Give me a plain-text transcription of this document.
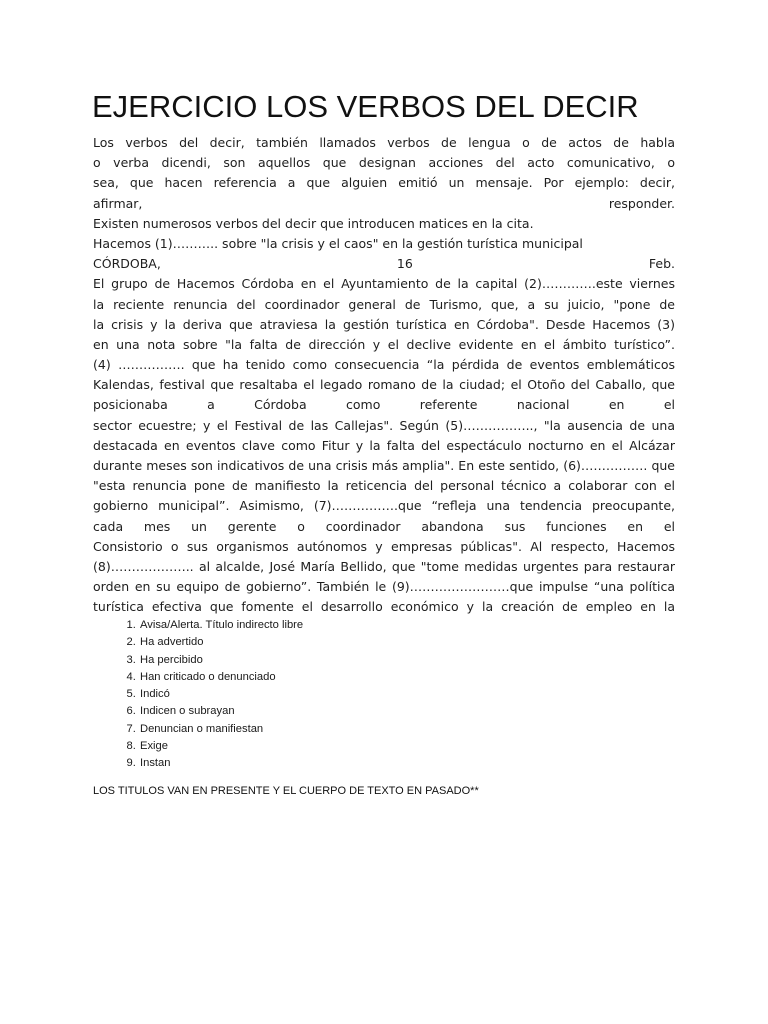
EJERCICIO LOS VERBOS DEL DECIR
Los verbos del decir, también llamados verbos de lengua o de actos de habla
o verba dicendi, son aquellos que designan acciones del acto comunicativo, o
sea, que hacen referencia a que alguien emitió un mensaje. Por ejemplo: decir,
afirmar, responder.
Existen numerosos verbos del decir que introducen matices en la cita.
Hacemos (1)……….. sobre "la crisis y el caos" en la gestión turística municipal
CÓRDOBA, 16 Feb.
El grupo de Hacemos Córdoba en el Ayuntamiento de la capital (2)………….este viernes
la reciente renuncia del coordinador general de Turismo, que, a su juicio, "pone de
la crisis y la deriva que atraviesa la gestión turística en Córdoba". Desde Hacemos (3)
en una nota sobre "la falta de dirección y el declive evidente en el ámbito turístico”.
(4) ……………. que ha tenido como consecuencia “la pérdida de eventos emblemáticos
Kalendas, festival que resaltaba el legado romano de la ciudad; el Otoño del Caballo, que
posicionaba a Córdoba como referente nacional en el
sector ecuestre; y el Festival de las Callejas". Según (5)…………….., "la ausencia de una
destacada en eventos clave como Fitur y la falta del espectáculo nocturno en el Alcázar
durante meses son indicativos de una crisis más amplia". En este sentido, (6)……………. que
"esta renuncia pone de manifiesto la reticencia del personal técnico a colaborar con el
gobierno municipal”. Asimismo, (7)…………….que “refleja una tendencia preocupante,
cada mes un gerente o coordinador abandona sus funciones en el
Consistorio o sus organismos autónomos y empresas públicas". Al respecto, Hacemos
(8)……………….. al alcalde, José María Bellido, que "tome medidas urgentes para restaurar
orden en su equipo de gobierno”. También le (9)……………………que impulse “una política
turística efectiva que fomente el desarrollo económico y la creación de empleo en la
1. Avisa/Alerta. Título indirecto libre
2. Ha advertido
3. Ha percibido
4. Han criticado o denunciado
5. Indicó
6. Indicen o subrayan
7. Denuncian o manifiestan
8. Exige
9. Instan

LOS TITULOS VAN EN PRESENTE Y EL CUERPO DE TEXTO EN PASADO**
